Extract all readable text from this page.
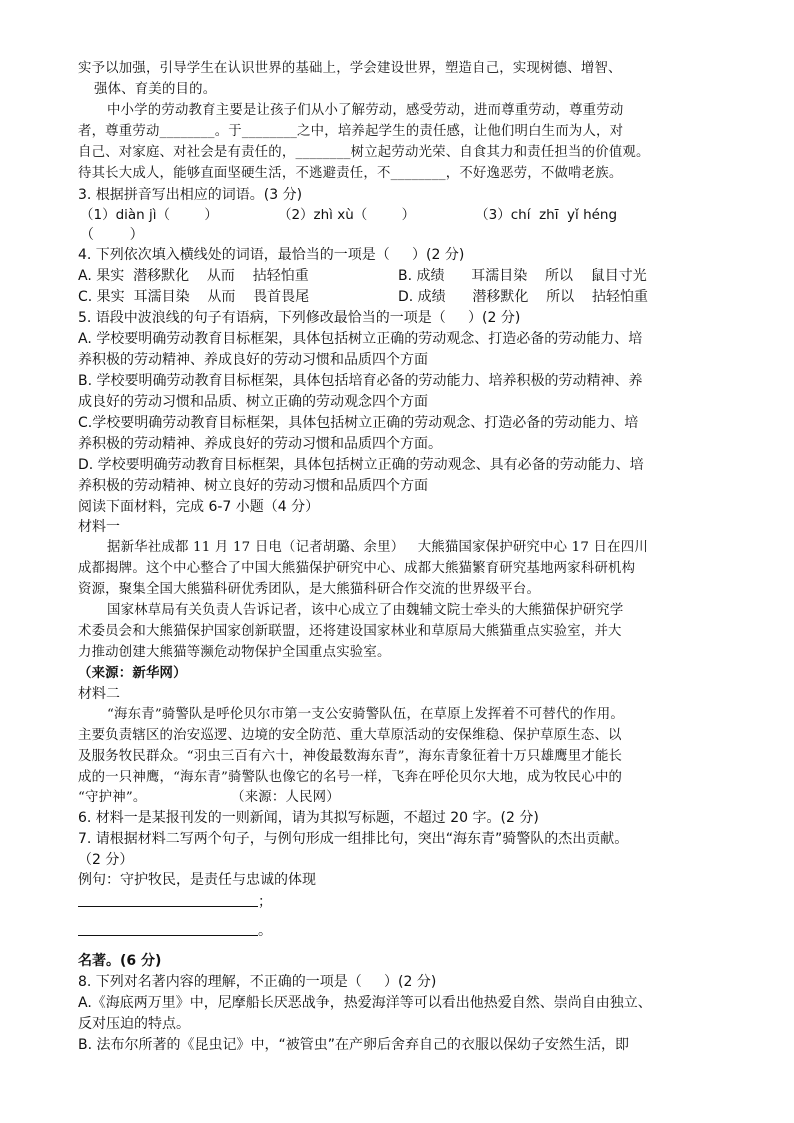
实予以加强，引导学生在认识世界的基础上，学会建设世界，塑造自己，实现树德、增智、
强体、育美的目的。
中小学的劳动教育主要是让孩子们从小了解劳动，感受劳动，进而尊重劳动，尊重劳动
者，尊重劳动________。于________之中，培养起学生的责任感，让他们明白生而为人，对
自己、对家庭、对社会是有责任的，________树立起劳动光荣、自食其力和责任担当的价值观。
待其长大成人，能够直面坚硬生活，不逃避责任，不________，不好逸恶劳，不做啃老族。
3. 根据拼音写出相应的词语。(3 分)
（1）diàn jì（        ）              （2）zhì xù（        ）              （3）chí  zhī  yǐ héng
（        ）
4. 下列依次填入横线处的词语，最恰当的一项是（     ）(2 分)
A. 果实  潜移默化    从而    拈轻怕重	B. 成绩      耳濡目染    所以    鼠目寸光
C. 果实  耳濡目染    从而    畏首畏尾	D. 成绩      潜移默化    所以    拈轻怕重
5. 语段中波浪线的句子有语病，下列修改最恰当的一项是（     ）(2 分)
A. 学校要明确劳动教育目标框架，具体包括树立正确的劳动观念、打造必备的劳动能力、培
养积极的劳动精神、养成良好的劳动习惯和品质四个方面
B. 学校要明确劳动教育目标框架，具体包括培育必备的劳动能力、培养积极的劳动精神、养
成良好的劳动习惯和品质、树立正确的劳动观念四个方面
C.学校要明确劳动教育目标框架，具体包括树立正确的劳动观念、打造必备的劳动能力、培
养积极的劳动精神、养成良好的劳动习惯和品质四个方面。
D. 学校要明确劳动教育目标框架，具体包括树立正确的劳动观念、具有必备的劳动能力、培
养积极的劳动精神、树立良好的劳动习惯和品质四个方面
阅读下面材料，完成 6-7 小题（4 分）
材料一
据新华社成都 11 月 17 日电（记者胡璐、余里）   大熊猫国家保护研究中心 17 日在四川
成都揭牌。这个中心整合了中国大熊猫保护研究中心、成都大熊猫繁育研究基地两家科研机构
资源，聚集全国大熊猫科研优秀团队，是大熊猫科研合作交流的世界级平台。
国家林草局有关负责人告诉记者，该中心成立了由魏辅文院士牵头的大熊猫保护研究学
术委员会和大熊猫保护国家创新联盟，还将建设国家林业和草原局大熊猫重点实验室，并大
力推动创建大熊猫等濒危动物保护全国重点实验室。
（来源：新华网）
材料二
“海东青”骑警队是呼伦贝尔市第一支公安骑警队伍，在草原上发挥着不可替代的作用。
主要负责辖区的治安巡逻、边境的安全防范、重大草原活动的安保维稳、保护草原生态、以
及服务牧民群众。“羽虫三百有六十，神俊最数海东青”，海东青象征着十万只雄鹰里才能长
成的一只神鹰，“海东青”骑警队也像它的名号一样，飞奔在呼伦贝尔大地，成为牧民心中的
“守护神”。                   （来源：人民网）
6. 材料一是某报刊发的一则新闻，请为其拟写标题，不超过 20 字。(2 分)
7. 请根据材料二写两个句子，与例句形成一组排比句，突出“海东青”骑警队的杰出贡献。
（2 分）
例句：守护牧民，是责任与忠诚的体现
；
。
名著。(6 分)
8. 下列对名著内容的理解，不正确的一项是（     ）(2 分)
A.《海底两万里》中，尼摩船长厌恶战争，热爱海洋等可以看出他热爱自然、崇尚自由独立、
反对压迫的特点。
B. 法布尔所著的《昆虫记》中，“被管虫”在产卵后舍弃自己的衣服以保幼子安然生活，即
